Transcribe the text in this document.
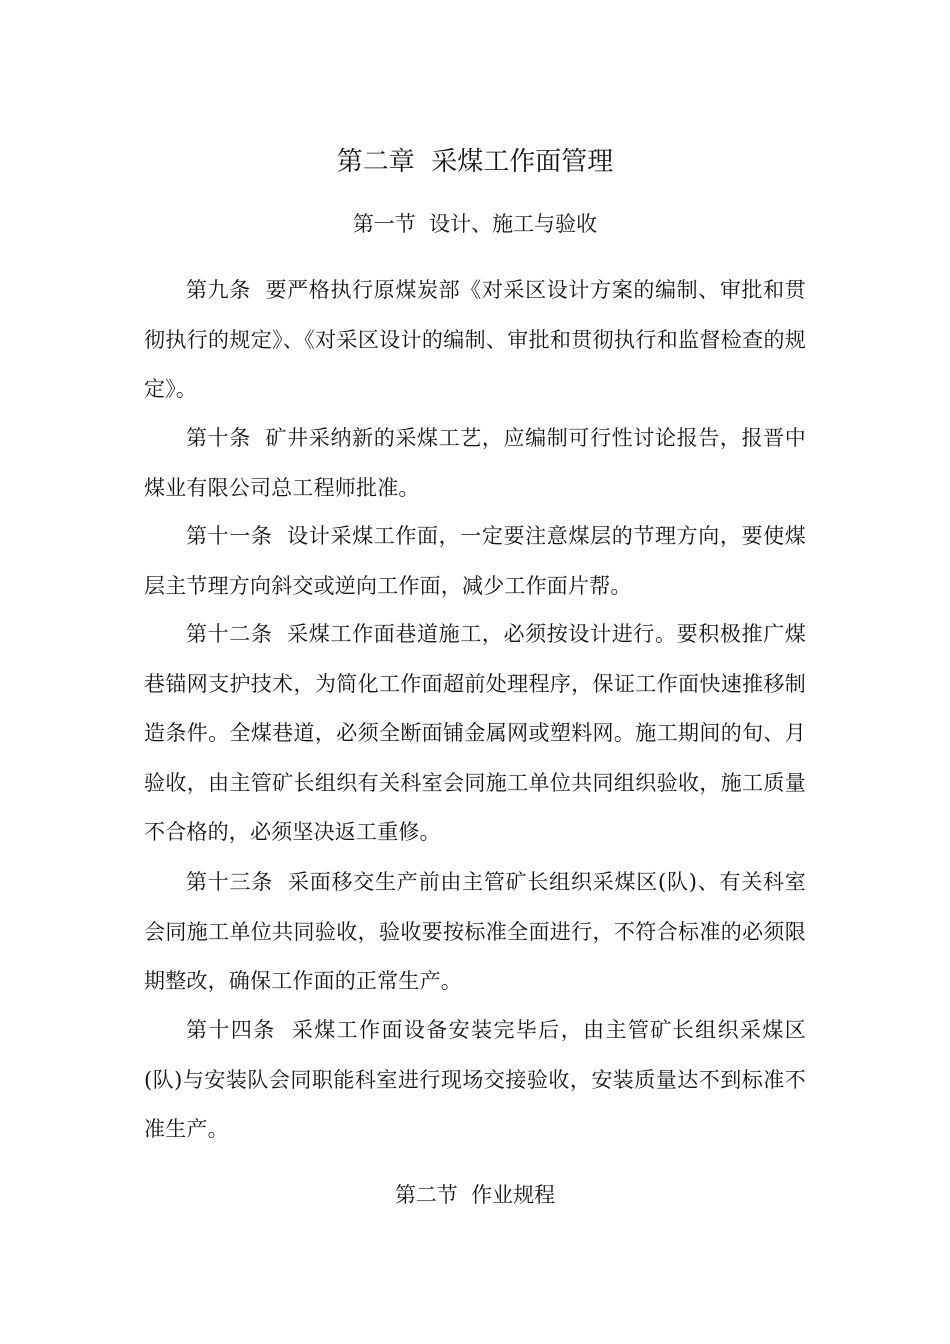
第二章  采煤工作面管理
第一节  设计、施工与验收

第九条  要严格执行原煤炭部《对采区设计方案的编制、审批和贯彻执行的规定》、《对采区设计的编制、审批和贯彻执行和监督检查的规定》。

第十条  矿井采纳新的采煤工艺，应编制可行性讨论报告，报晋中煤业有限公司总工程师批准。

第十一条  设计采煤工作面，一定要注意煤层的节理方向，要使煤层主节理方向斜交或逆向工作面，减少工作面片帮。

第十二条  采煤工作面巷道施工，必须按设计进行。要积极推广煤巷锚网支护技术，为简化工作面超前处理程序，保证工作面快速推移制造条件。全煤巷道，必须全断面铺金属网或塑料网。施工期间的旬、月验收，由主管矿长组织有关科室会同施工单位共同组织验收，施工质量不合格的，必须坚决返工重修。

第十三条  采面移交生产前由主管矿长组织采煤区(队)、有关科室会同施工单位共同验收，验收要按标准全面进行，不符合标准的必须限期整改，确保工作面的正常生产。

第十四条  采煤工作面设备安装完毕后，由主管矿长组织采煤区(队)与安装队会同职能科室进行现场交接验收，安装质量达不到标准不准生产。

第二节  作业规程
